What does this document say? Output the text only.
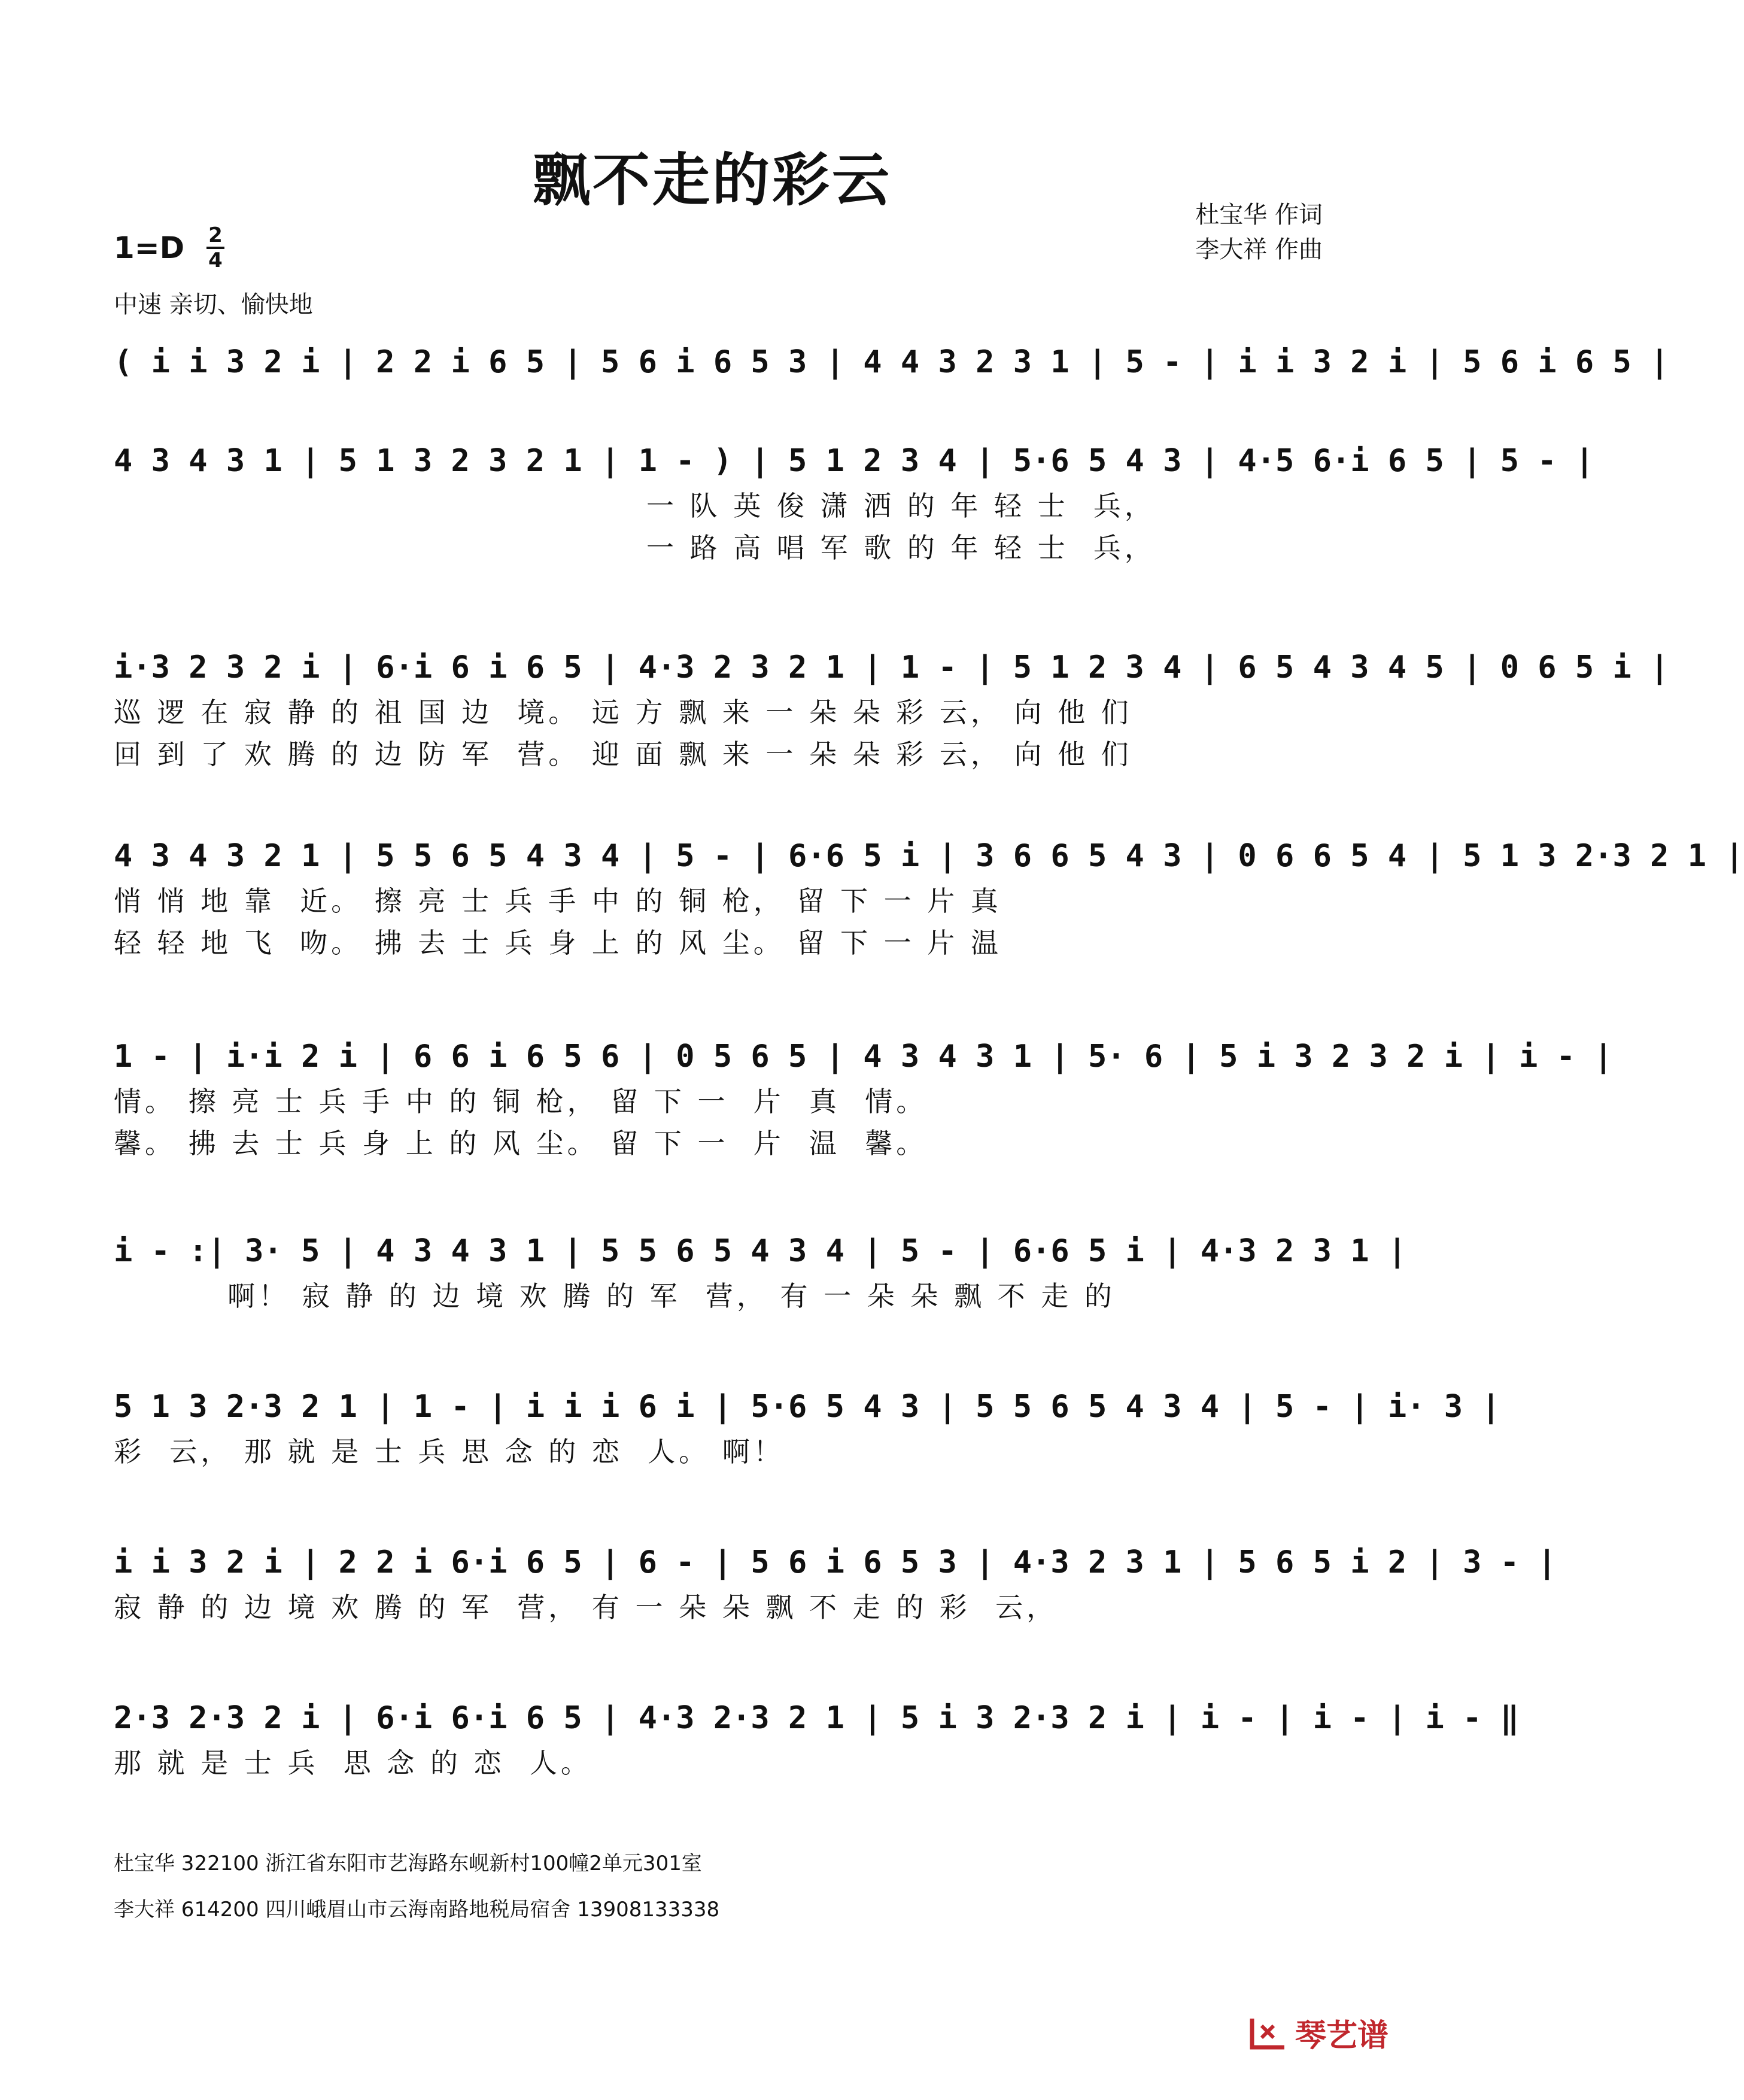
飘不走的彩云
杜宝华 作词
李大祥 作曲
1=D 2
4
中速 亲切、愉快地
( i i 3 2 i | 2 2 i 6 5 | 5 6 i 6 5 3 | 4 4 3 2 3 1 | 5 - | i i 3 2 i | 5 6 i 6 5 |
4 3 4 3 1 | 5 1 3 2 3 2 1 | 1 - ) | 5 1 2 3 4 | 5·6 5 4 3 | 4·5 6·i 6 5 | 5 - |
一 队 英 俊 潇 洒 的 年 轻 士  兵，
一 路 高 唱 军 歌 的 年 轻 士  兵，
i·3 2 3 2 i | 6·i 6 i 6 5 | 4·3 2 3 2 1 | 1 - | 5 1 2 3 4 | 6 5 4 3 4 5 | 0 6 5 i |
巡 逻 在 寂 静 的 祖 国 边  境。 远 方 飘 来 一 朵 朵 彩 云， 向 他 们
回 到 了 欢 腾 的 边 防 军  营。 迎 面 飘 来 一 朵 朵 彩 云， 向 他 们
4 3 4 3 2 1 | 5 5 6 5 4 3 4 | 5 - | 6·6 5 i | 3 6 6 5 4 3 | 0 6 6 5 4 | 5 1 3 2·3 2 1 |
悄 悄 地 靠  近。 擦 亮 士 兵 手 中 的 铜 枪， 留 下 一 片 真
轻 轻 地 飞  吻。 拂 去 士 兵 身 上 的 风 尘。 留 下 一 片 温
1 - | i·i 2 i | 6 6 i 6 5 6 | 0 5 6 5 | 4 3 4 3 1 | 5· 6 | 5 i 3 2 3 2 i | i - |
情。 擦 亮 士 兵 手 中 的 铜 枪， 留 下 一  片  真  情。
馨。 拂 去 士 兵 身 上 的 风 尘。 留 下 一  片  温  馨。
i - :| 3· 5 | 4 3 4 3 1 | 5 5 6 5 4 3 4 | 5 - | 6·6 5 i | 4·3 2 3 1 |
啊！ 寂 静 的 边 境 欢 腾 的 军  营， 有 一 朵 朵 飘 不 走 的
5 1 3 2·3 2 1 | 1 - | i i i 6 i | 5·6 5 4 3 | 5 5 6 5 4 3 4 | 5 - | i· 3 |
彩  云， 那 就 是 士 兵 思 念 的 恋  人。 啊！
i i 3 2 i | 2 2 i 6·i 6 5 | 6 - | 5 6 i 6 5 3 | 4·3 2 3 1 | 5 6 5 i 2 | 3 - |
寂 静 的 边 境 欢 腾 的 军  营， 有 一 朵 朵 飘 不 走 的 彩  云，
2·3 2·3 2 i | 6·i 6·i 6 5 | 4·3 2·3 2 1 | 5 i 3 2·3 2 i | i - | i - | i - ‖
那 就 是 士 兵  思 念 的 恋  人。
杜宝华 322100 浙江省东阳市艺海路东岘新村100幢2单元301室
李大祥 614200 四川峨眉山市云海南路地税局宿舍 13908133338
琴艺谱
